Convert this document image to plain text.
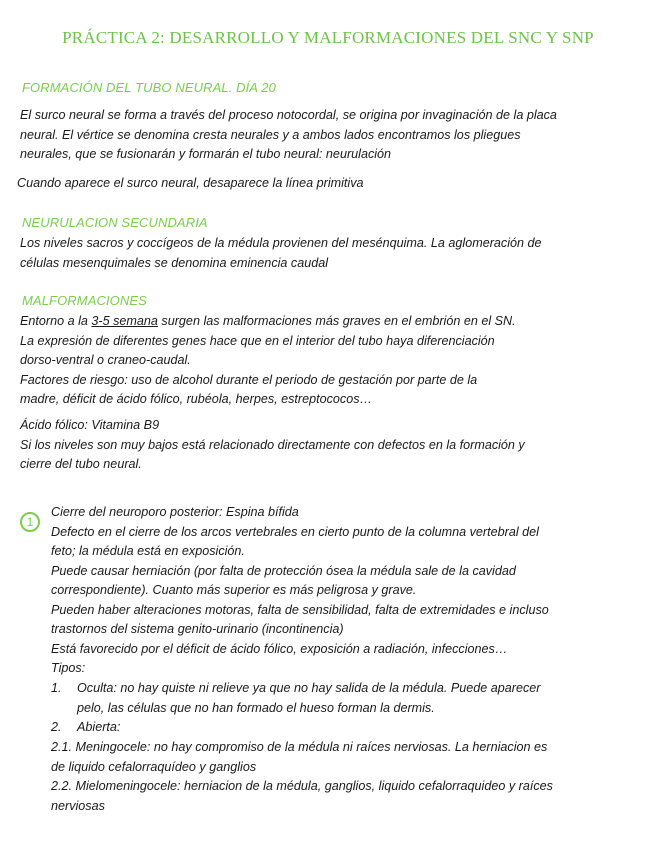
PRÁCTICA 2: DESARROLLO Y MALFORMACIONES DEL SNC Y SNP
FORMACIÓN DEL TUBO NEURAL. DÍA 20
El surco neural se forma a través del proceso notocordal, se origina por invaginación de la placa
neural. El vértice se denomina cresta neurales y a ambos lados encontramos los pliegues
neurales, que se fusionarán y formarán el tubo neural: neurulación
Cuando aparece el surco neural, desaparece la línea primitiva
NEURULACION SECUNDARIA
Los niveles sacros y coccígeos de la médula provienen del mesénquima. La aglomeración de
células mesenquimales se denomina eminencia caudal
MALFORMACIONES
Entorno a la 3-5 semana surgen las malformaciones más graves en el embrión en el SN.
La expresión de diferentes genes hace que en el interior del tubo haya diferenciación
dorso-ventral o craneo-caudal.
Factores de riesgo: uso de alcohol durante el periodo de gestación por parte de la
madre, déficit de ácido fólico, rubéola, herpes, estreptococos…
Ácido fólico: Vitamina B9
Si los niveles son muy bajos está relacionado directamente con defectos en la formación y
cierre del tubo neural.
1
Cierre del neuroporo posterior: Espina bífida
Defecto en el cierre de los arcos vertebrales en cierto punto de la columna vertebral del
feto; la médula está en exposición.
Puede causar herniación (por falta de protección ósea la médula sale de la cavidad
correspondiente). Cuanto más superior es más peligrosa y grave.
Pueden haber alteraciones motoras, falta de sensibilidad, falta de extremidades e incluso
trastornos del sistema genito-urinario (incontinencia)
Está favorecido por el déficit de ácido fólico, exposición a radiación, infecciones…
Tipos:
1. Oculta: no hay quiste ni relieve ya que no hay salida de la médula. Puede aparecer
pelo, las células que no han formado el hueso forman la dermis.
2. Abierta:
2.1. Meningocele: no hay compromiso de la médula ni raíces nerviosas. La herniacion es
de liquido cefalorraquídeo y ganglios
2.2. Mielomeningocele: herniacion de la médula, ganglios, liquido cefalorraquideo y raíces
nerviosas
